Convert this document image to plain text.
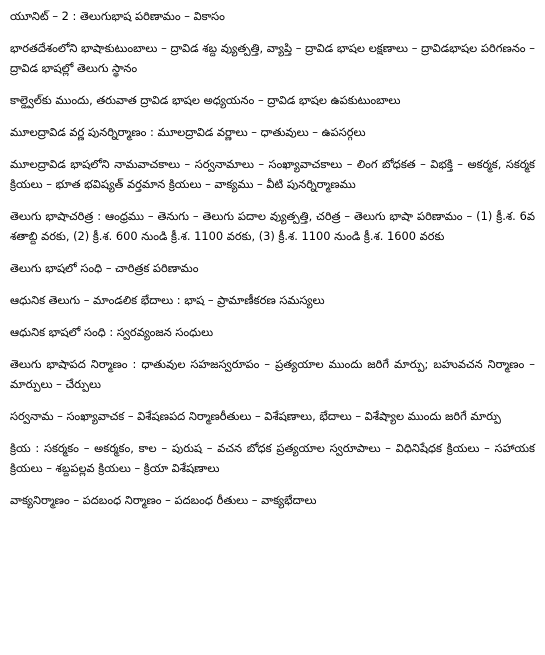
యూనిట్ – 2 : తెలుగుభాష పరిణామం – వికాసం
భారతదేశంలోని భాషాకుటుంబాలు – ద్రావిడ శబ్ద వ్యుత్పత్తి, వ్యాప్తి – ద్రావిడ భాషల లక్షణాలు – ద్రావిడభాషల పరిగణనం – ద్రావిడ భాషల్లో తెలుగు స్థానం
కాల్డ్వెల్‌కు ముందు, తరువాత ద్రావిడ భాషల అధ్యయనం – ద్రావిడ భాషల ఉపకుటుంబాలు
మూలద్రావిడ వర్ణ పునర్నిర్మాణం : మూలద్రావిడ వర్ణాలు – ధాతువులు – ఉపసర్గలు
మూలద్రావిడ భాషలోని నామవాచకాలు – సర్వనామాలు – సంఖ్యావాచకాలు – లింగ బోధకత – విభక్తి – అకర్మక, సకర్మక క్రియలు – భూత భవిష్యత్ వర్తమాన క్రియలు – వాక్యము – వీటి పునర్నిర్మాణము
తెలుగు భాషాచరిత్ర : ఆంధ్రము – తెనుగు – తెలుగు పదాల వ్యుత్పత్తి, చరిత్ర – తెలుగు భాషా పరిణామం – (1) క్రీ.శ. 6వ శతాబ్ది వరకు, (2) క్రీ.శ. 600 నుండి క్రీ.శ. 1100 వరకు, (3) క్రీ.శ. 1100 నుండి క్రీ.శ. 1600 వరకు
తెలుగు భాషలో సంధి – చారిత్రక పరిణామం
ఆధునిక తెలుగు – మాండలిక భేదాలు : భాష – ప్రామాణీకరణ సమస్యలు
ఆధునిక భాషలో సంధి : స్వరవ్యంజన సంధులు
తెలుగు భాషాపద నిర్మాణం : ధాతువుల సహజస్వరూపం – ప్రత్యయాల ముందు జరిగే మార్పు; బహువచన నిర్మాణం – మార్పులు – చేర్పులు
సర్వనామ – సంఖ్యావాచక – విశేషణపద నిర్మాణరీతులు – విశేషణాలు, భేదాలు – విశేష్యాల ముందు జరిగే మార్పు
క్రియ : సకర్మకం – అకర్మకం, కాల – పురుష – వచన బోధక ప్రత్యయాల స్వరూపాలు – విధినిషేధక క్రియలు – సహాయక క్రియలు – శబ్దపల్లవ క్రియలు – క్రియా విశేషణాలు
వాక్యనిర్మాణం – పదబంధ నిర్మాణం – పదబంధ రీతులు – వాక్యభేదాలు
